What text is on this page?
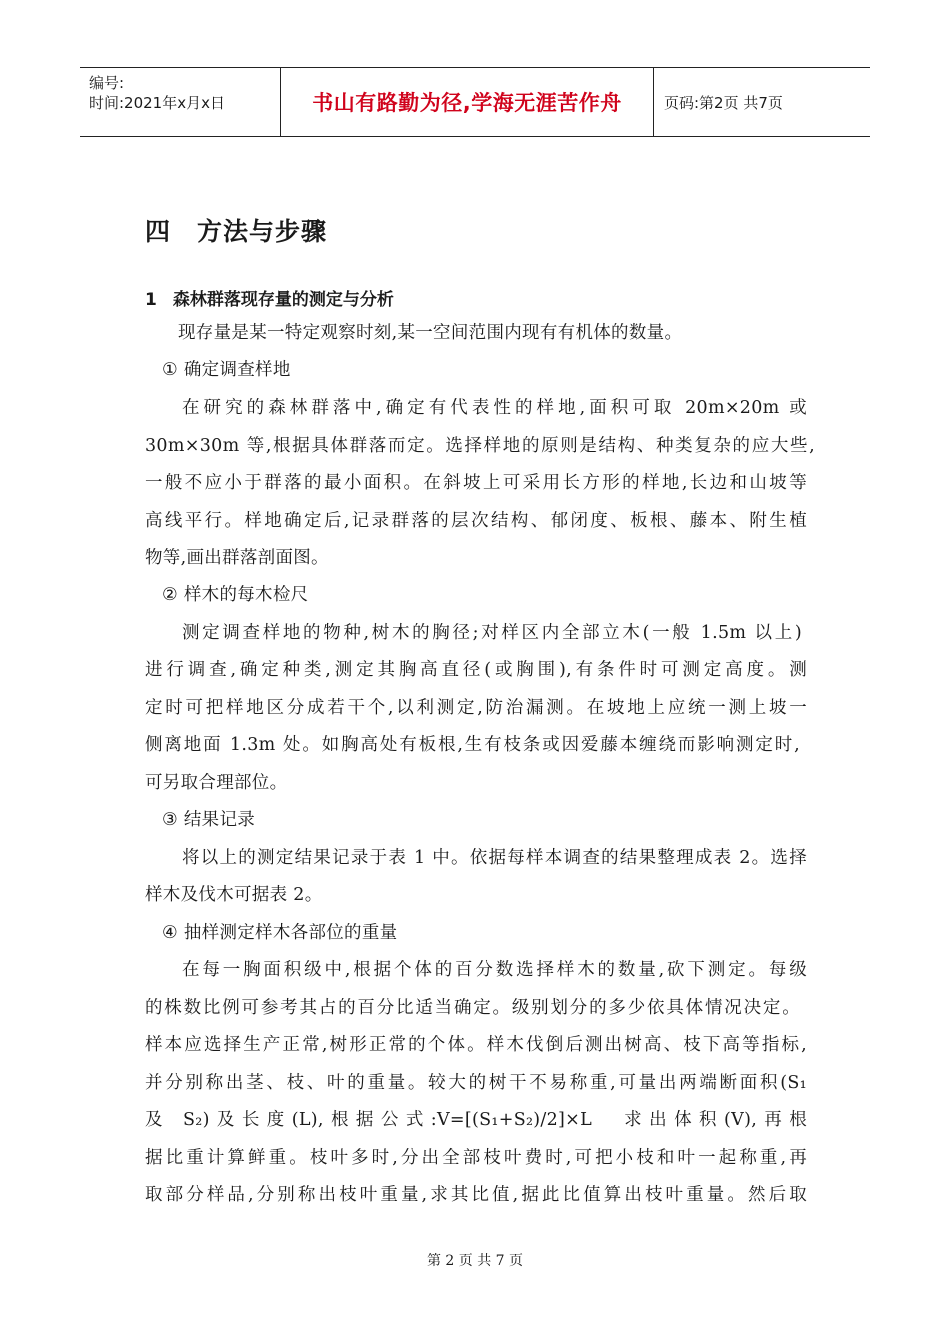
编号:
时间:2021年x月x日	书山有路勤为径,学海无涯苦作舟	页码:第2页 共7页
四　方法与步骤
1 森林群落现存量的测定与分析

现存量是某一特定观察时刻,某一空间范围内现有有机体的数量。

① 确定调查样地

在研究的森林群落中,确定有代表性的样地,面积可取 20m×20m 或

30m×30m 等,根据具体群落而定。选择样地的原则是结构、种类复杂的应大些,

一般不应小于群落的最小面积。在斜坡上可采用长方形的样地,长边和山坡等

高线平行。样地确定后,记录群落的层次结构、郁闭度、板根、藤本、附生植

物等,画出群落剖面图。

② 样木的每木检尺

测定调查样地的物种,树木的胸径;对样区内全部立木(一般 1.5m 以上)

进行调查,确定种类,测定其胸高直径(或胸围),有条件时可测定高度。测

定时可把样地区分成若干个,以利测定,防治漏测。在坡地上应统一测上坡一

侧离地面 1.3m 处。如胸高处有板根,生有枝条或因爱藤本缠绕而影响测定时,

可另取合理部位。

③ 结果记录

将以上的测定结果记录于表 1 中。依据每样本调查的结果整理成表 2。选择

样木及伐木可据表 2。

④ 抽样测定样木各部位的重量

在每一胸面积级中,根据个体的百分数选择样木的数量,砍下测定。每级

的株数比例可参考其占的百分比适当确定。级别划分的多少依具体情况决定。

样本应选择生产正常,树形正常的个体。样木伐倒后测出树高、枝下高等指标,

并分别称出茎、枝、叶的重量。较大的树干不易称重,可量出两端断面积(S₁

及 S₂)及长度(L),根据公式:V=[(S₁+S₂)/2]×L　求出体积(V),再根

据比重计算鲜重。枝叶多时,分出全部枝叶费时,可把小枝和叶一起称重,再

取部分样品,分别称出枝叶重量,求其比值,据此比值算出枝叶重量。然后取

第 2 页 共 7 页
